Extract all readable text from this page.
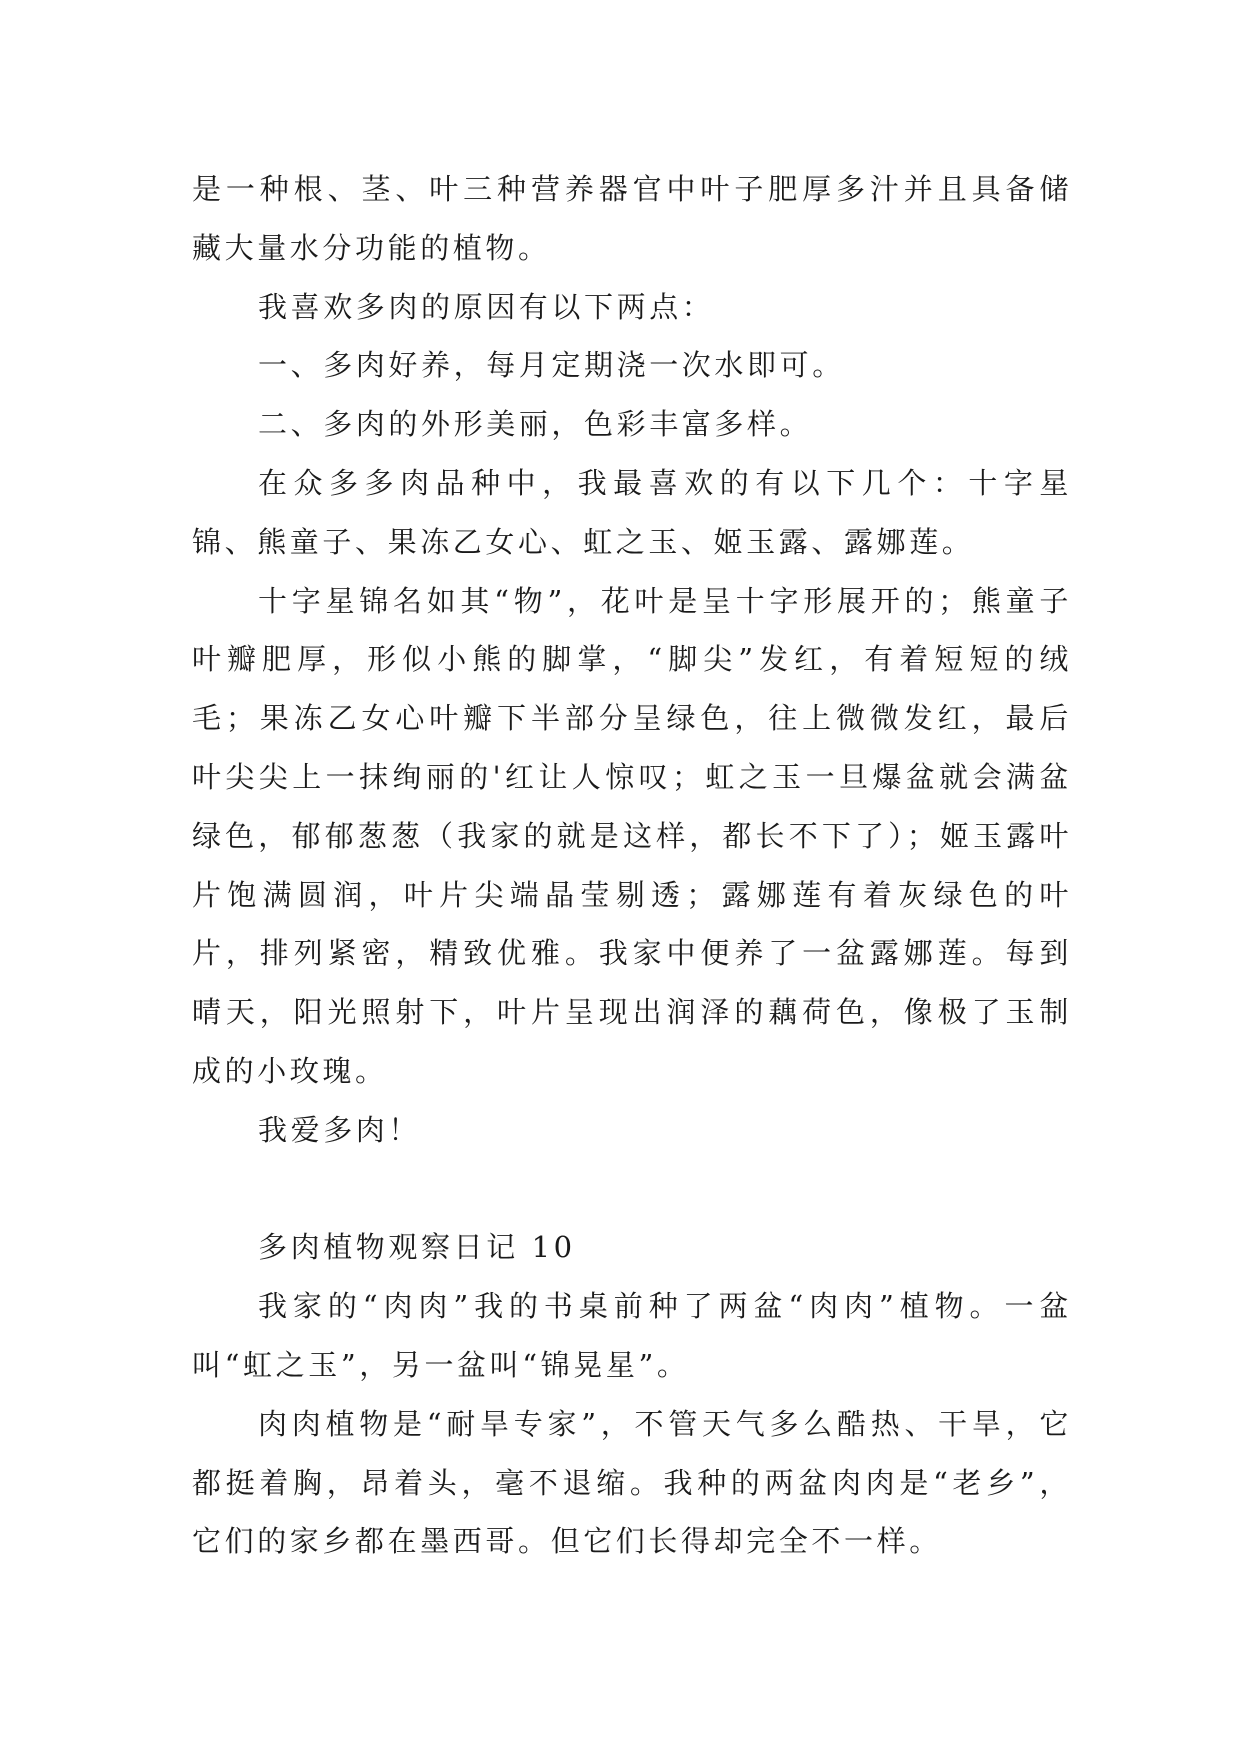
是一种根、茎、叶三种营养器官中叶子肥厚多汁并且具备储藏大量水分功能的植物。

我喜欢多肉的原因有以下两点：

一、多肉好养，每月定期浇一次水即可。

二、多肉的外形美丽，色彩丰富多样。

在众多多肉品种中，我最喜欢的有以下几个：十字星锦、熊童子、果冻乙女心、虹之玉、姬玉露、露娜莲。

十字星锦名如其“物”，花叶是呈十字形展开的；熊童子叶瓣肥厚，形似小熊的脚掌，“脚尖”发红，有着短短的绒毛；果冻乙女心叶瓣下半部分呈绿色，往上微微发红，最后叶尖尖上一抹绚丽的'红让人惊叹；虹之玉一旦爆盆就会满盆绿色，郁郁葱葱（我家的就是这样，都长不下了）；姬玉露叶片饱满圆润，叶片尖端晶莹剔透；露娜莲有着灰绿色的叶片，排列紧密，精致优雅。我家中便养了一盆露娜莲。每到晴天，阳光照射下，叶片呈现出润泽的藕荷色，像极了玉制成的小玫瑰。

我爱多肉！

多肉植物观察日记 10

我家的“肉肉”我的书桌前种了两盆“肉肉”植物。一盆叫“虹之玉”，另一盆叫“锦晃星”。

肉肉植物是“耐旱专家”，不管天气多么酷热、干旱，它都挺着胸，昂着头，毫不退缩。我种的两盆肉肉是“老乡”，它们的家乡都在墨西哥。但它们长得却完全不一样。
